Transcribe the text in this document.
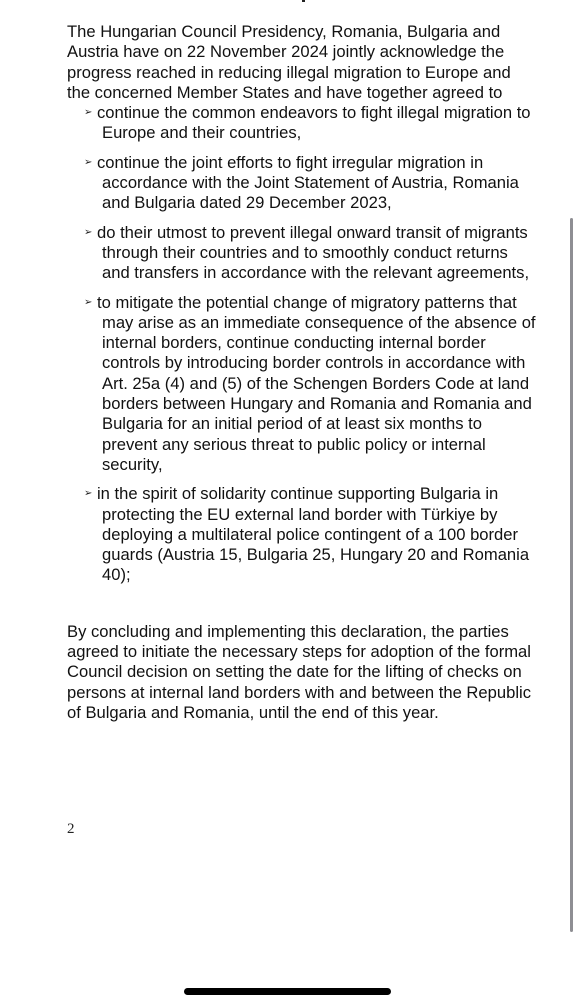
The Hungarian Council Presidency, Romania, Bulgaria and Austria have on 22 November 2024 jointly acknowledge the progress reached in reducing illegal migration to Europe and the concerned Member States and have together agreed to

➢ continue the common endeavors to fight illegal migration to Europe and their countries,
➢ continue the joint efforts to fight irregular migration in accordance with the Joint Statement of Austria, Romania and Bulgaria dated 29 December 2023,
➢ do their utmost to prevent illegal onward transit of migrants through their countries and to smoothly conduct returns and transfers in accordance with the relevant agreements,
➢ to mitigate the potential change of migratory patterns that may arise as an immediate consequence of the absence of internal borders, continue conducting internal border controls by introducing border controls in accordance with Art. 25a (4) and (5) of the Schengen Borders Code at land borders between Hungary and Romania and Romania and Bulgaria for an initial period of at least six months to prevent any serious threat to public policy or internal security,
➢ in the spirit of solidarity continue supporting Bulgaria in protecting the EU external land border with Türkiye by deploying a multilateral police contingent of a 100 border guards (Austria 15, Bulgaria 25, Hungary 20 and Romania 40);

By concluding and implementing this declaration, the parties agreed to initiate the necessary steps for adoption of the formal Council decision on setting the date for the lifting of checks on persons at internal land borders with and between the Republic of Bulgaria and Romania, until the end of this year.

2
